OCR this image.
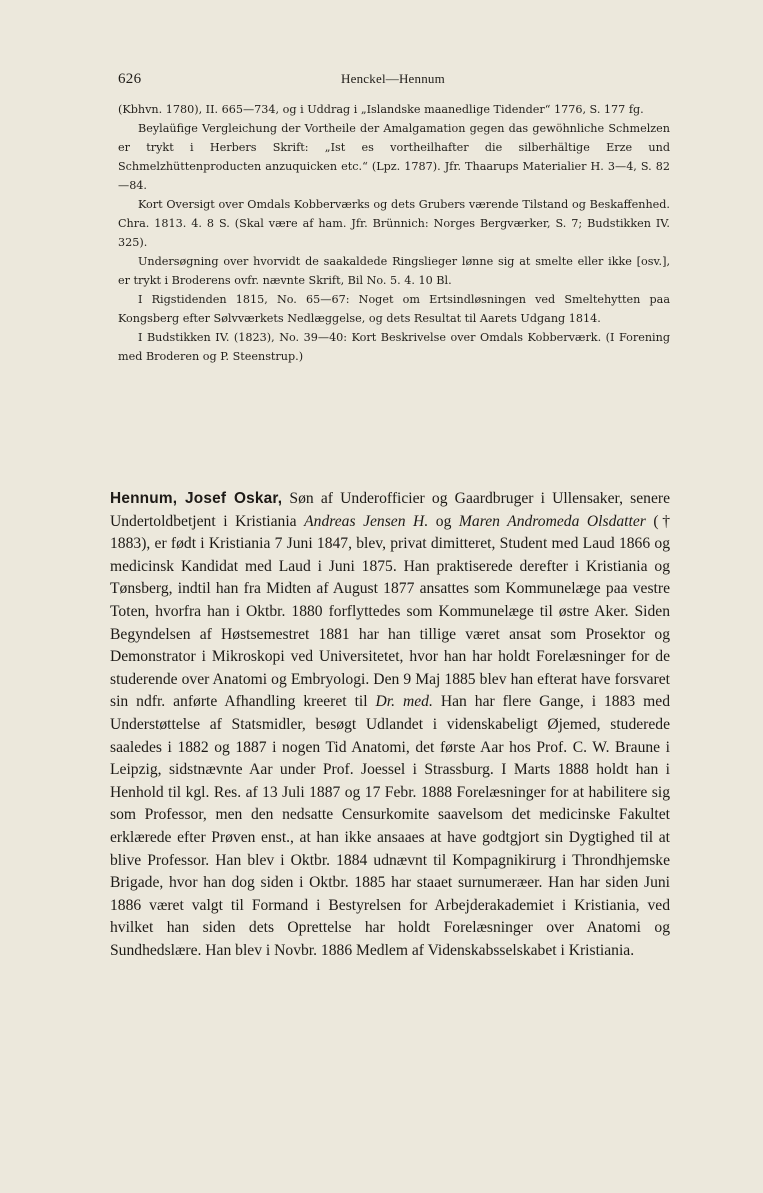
626	Henckel—Hennum

(Kbhvn. 1780), II. 665—734, og i Uddrag i „Islandske maanedlige Tidender“ 1776, S. 177 fg.

Beylaüfige Vergleichung der Vortheile der Amalgamation gegen das gewöhnliche Schmelzen er trykt i Herbers Skrift: „Ist es vortheilhafter die silberhältige Erze und Schmelzhüttenproducten anzuquicken etc.“ (Lpz. 1787). Jfr. Thaarups Materialier H. 3—4, S. 82—84.

Kort Oversigt over Omdals Kobberværks og dets Grubers værende Tilstand og Beskaffenhed. Chra. 1813. 4. 8 S. (Skal være af ham. Jfr. Brünnich: Norges Bergværker, S. 7; Budstikken IV. 325).

Undersøgning over hvorvidt de saakaldede Ringslieger lønne sig at smelte eller ikke [osv.], er trykt i Broderens ovfr. nævnte Skrift, Bil No. 5. 4. 10 Bl.

I Rigstidenden 1815, No. 65—67: Noget om Ertsindløsningen ved Smeltehytten paa Kongsberg efter Sølvværkets Nedlæggelse, og dets Resultat til Aarets Udgang 1814.

I Budstikken IV. (1823), No. 39—40: Kort Beskrivelse over Omdals Kobberværk. (I Forening med Broderen og P. Steenstrup.)

Hennum, Josef Oskar, Søn af Underofficier og Gaardbruger i Ullensaker, senere Undertoldbetjent i Kristiania Andreas Jensen H. og Maren Andromeda Olsdatter († 1883), er født i Kristiania 7 Juni 1847, blev, privat dimitteret, Student med Laud 1866 og medicinsk Kandidat med Laud i Juni 1875. Han praktiserede derefter i Kristiania og Tønsberg, indtil han fra Midten af August 1877 ansattes som Kommunelæge paa vestre Toten, hvorfra han i Oktbr. 1880 forflyttedes som Kommunelæge til østre Aker. Siden Begyndelsen af Høstsemestret 1881 har han tillige været ansat som Prosektor og Demonstrator i Mikroskopi ved Universitetet, hvor han har holdt Forelæsninger for de studerende over Anatomi og Embryologi. Den 9 Maj 1885 blev han efterat have forsvaret sin ndfr. anførte Afhandling kreeret til Dr. med. Han har flere Gange, i 1883 med Understøttelse af Statsmidler, besøgt Udlandet i videnskabeligt Øjemed, studerede saaledes i 1882 og 1887 i nogen Tid Anatomi, det første Aar hos Prof. C. W. Braune i Leipzig, sidstnævnte Aar under Prof. Joessel i Strassburg. I Marts 1888 holdt han i Henhold til kgl. Res. af 13 Juli 1887 og 17 Febr. 1888 Forelæsninger for at habilitere sig som Professor, men den nedsatte Censurkomite saavelsom det medicinske Fakultet erklærede efter Prøven enst., at han ikke ansaaes at have godtgjort sin Dygtighed til at blive Professor. Han blev i Oktbr. 1884 udnævnt til Kompagnikirurg i Throndhjemske Brigade, hvor han dog siden i Oktbr. 1885 har staaet surnumeræer. Han har siden Juni 1886 været valgt til Formand i Bestyrelsen for Arbejderakademiet i Kristiania, ved hvilket han siden dets Oprettelse har holdt Forelæsninger over Anatomi og Sundhedslære. Han blev i Novbr. 1886 Medlem af Videnskabsselskabet i Kristiania.
